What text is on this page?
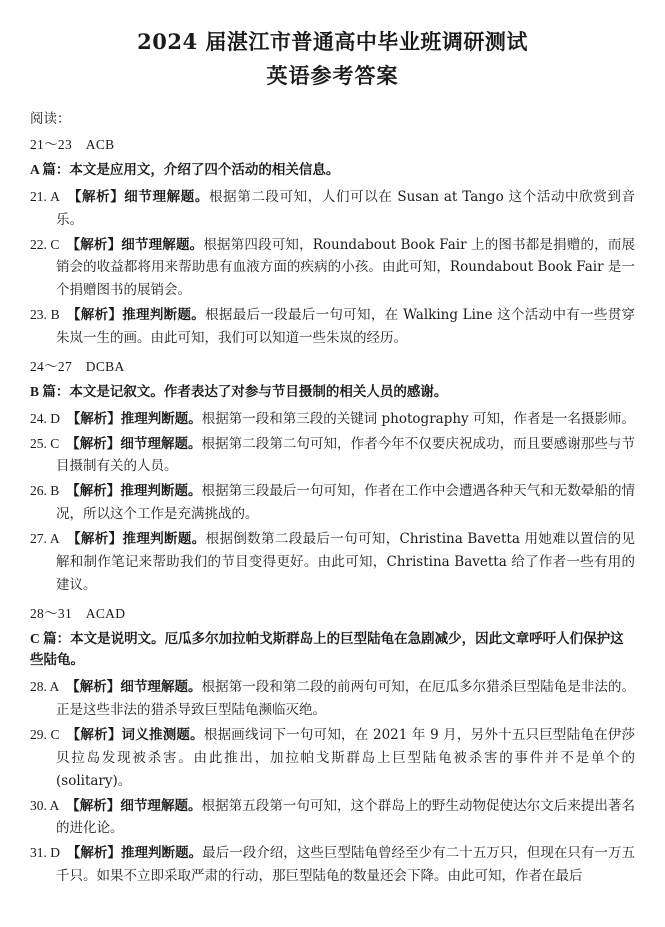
2024 届湛江市普通高中毕业班调研测试
英语参考答案
阅读：
21～23　ACB
A 篇：本文是应用文，介绍了四个活动的相关信息。
21. A　 【解析】细节理解题。根据第二段可知，人们可以在 Susan at Tango 这个活动中欣赏到音乐。
22. C　 【解析】细节理解题。根据第四段可知，Roundabout Book Fair 上的图书都是捐赠的，而展销会的收益都将用来帮助患有血液方面的疾病的小孩。由此可知，Roundabout Book Fair 是一个捐赠图书的展销会。
23. B　 【解析】推理判断题。根据最后一段最后一句可知，在 Walking Line 这个活动中有一些贯穿朱岚一生的画。由此可知，我们可以知道一些朱岚的经历。
24～27　DCBA
B 篇：本文是记叙文。作者表达了对参与节目摄制的相关人员的感谢。
24. D　 【解析】推理判断题。根据第一段和第三段的关键词 photography 可知，作者是一名摄影师。
25. C　 【解析】细节理解题。根据第二段第二句可知，作者今年不仅要庆祝成功，而且要感谢那些与节目摄制有关的人员。
26. B　 【解析】推理判断题。根据第三段最后一句可知，作者在工作中会遭遇各种天气和无数晕船的情况，所以这个工作是充满挑战的。
27. A　 【解析】推理判断题。根据倒数第二段最后一句可知，Christina Bavetta 用她难以置信的见解和制作笔记来帮助我们的节目变得更好。由此可知，Christina Bavetta 给了作者一些有用的建议。
28～31　ACAD
C 篇：本文是说明文。厄瓜多尔加拉帕戈斯群岛上的巨型陆龟在急剧减少，因此文章呼吁人们保护这些陆龟。
28. A　 【解析】细节理解题。根据第一段和第二段的前两句可知，在厄瓜多尔猎杀巨型陆龟是非法的。正是这些非法的猎杀导致巨型陆龟濒临灭绝。
29. C　 【解析】词义推测题。根据画线词下一句可知，在 2021 年 9 月，另外十五只巨型陆龟在伊莎贝拉岛发现被杀害。由此推出，加拉帕戈斯群岛上巨型陆龟被杀害的事件并不是单个的(solitary)。
30. A　 【解析】细节理解题。根据第五段第一句可知，这个群岛上的野生动物促使达尔文后来提出著名的进化论。
31. D　 【解析】推理判断题。最后一段介绍，这些巨型陆龟曾经至少有二十五万只，但现在只有一万五千只。如果不立即采取严肃的行动，那巨型陆龟的数量还会下降。由此可知，作者在最后
